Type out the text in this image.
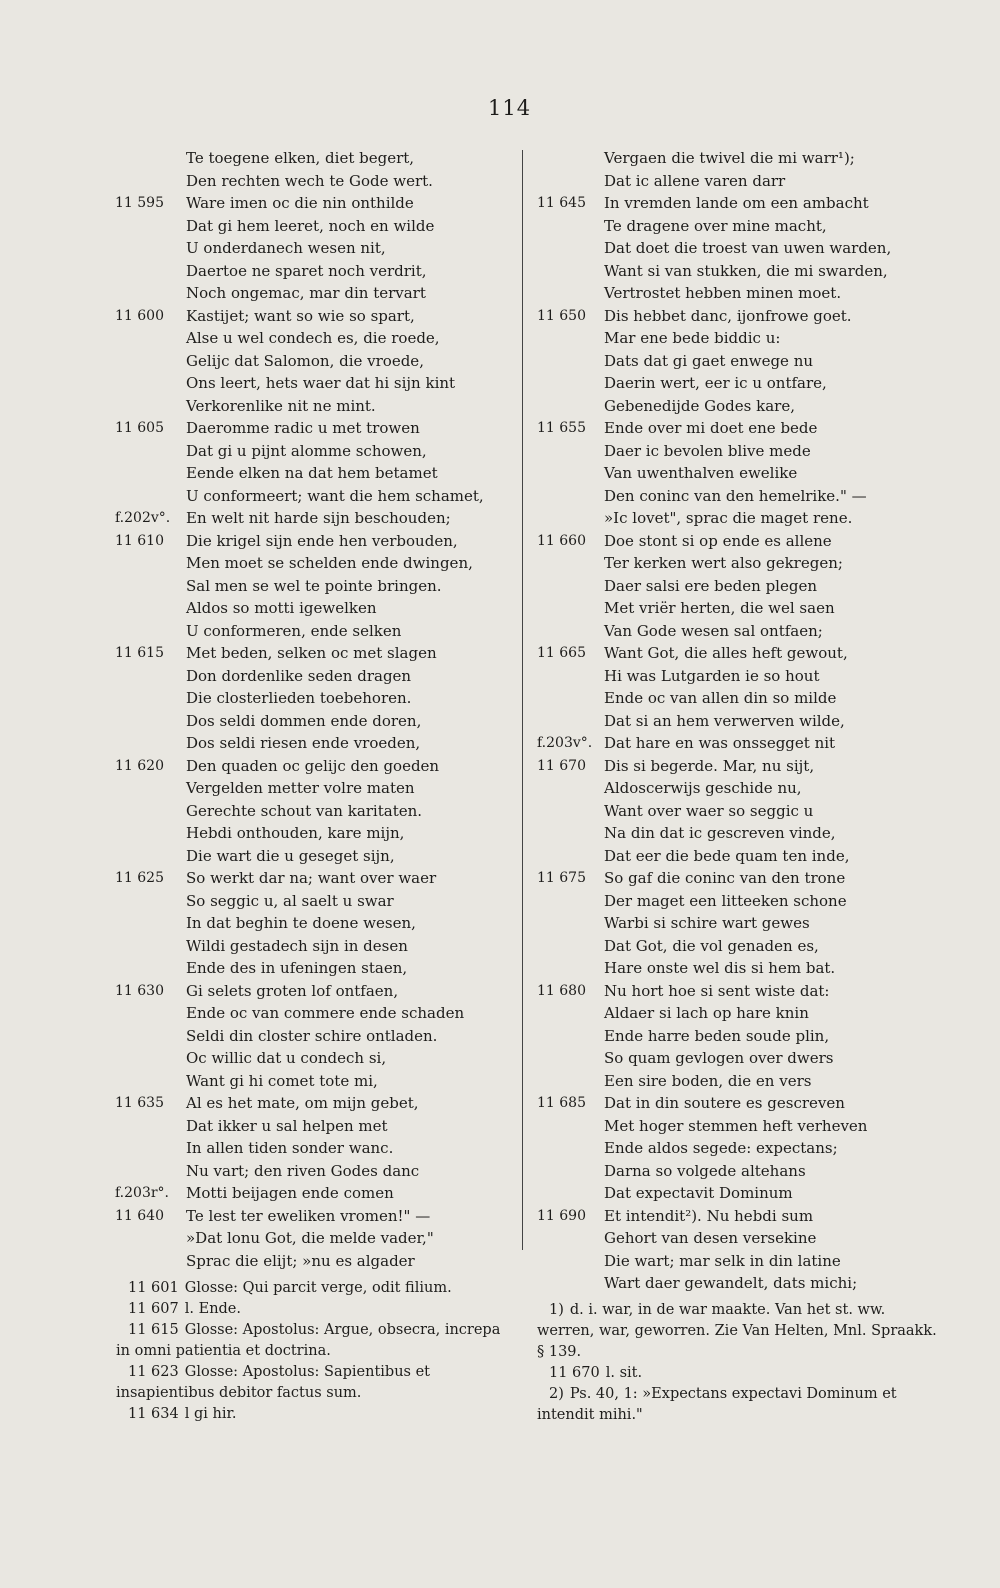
114
Te toegene elken, diet begert,
Den rechten wech te Gode wert.
11 595 Ware imen oc die nin onthilde
Dat gi hem leeret, noch en wilde
U onderdanech wesen nit,
Daertoe ne sparet noch verdrit,
Noch ongemac, mar din tervart
11 600 Kastijet; want so wie so spart,
Alse u wel condech es, die roede,
Gelijc dat Salomon, die vroede,
Ons leert, hets waer dat hi sijn kint
Verkorenlike nit ne mint.
11 605 Daeromme radic u met trowen
Dat gi u pijnt alomme schowen,
Eende elken na dat hem betamet
U conformeert; want die hem schamet,
f.202v°. En welt nit harde sijn beschouden;
11 610 Die krigel sijn ende hen verbouden,
Men moet se schelden ende dwingen,
Sal men se wel te pointe bringen.
Aldos so motti igewelken
U conformeren, ende selken
11 615 Met beden, selken oc met slagen
Don dordenlike seden dragen
Die closterlieden toebehoren.
Dos seldi dommen ende doren,
Dos seldi riesen ende vroeden,
11 620 Den quaden oc gelijc den goeden
Vergelden metter volre maten
Gerechte schout van karitaten.
Hebdi onthouden, kare mijn,
Die wart die u geseget sijn,
11 625 So werkt dar na; want over waer
So seggic u, al saelt u swar
In dat beghin te doene wesen,
Wildi gestadech sijn in desen
Ende des in ufeningen staen,
11 630 Gi selets groten lof ontfaen,
Ende oc van commere ende schaden
Seldi din closter schire ontladen.
Oc willic dat u condech si,
Want gi hi comet tote mi,
11 635 Al es het mate, om mijn gebet,
Dat ikker u sal helpen met
In allen tiden sonder wanc.
Nu vart; den riven Godes danc
f.203r°. Motti beijagen ende comen
11 640 Te lest ter eweliken vromen!" —
»Dat lonu Got, die melde vader,"
Sprac die elijt; »nu es algader
Vergaen die twivel die mi warr¹);
Dat ic allene varen darr
11 645 In vremden lande om een ambacht
Te dragene over mine macht,
Dat doet die troest van uwen warden,
Want si van stukken, die mi swarden,
Vertrostet hebben minen moet.
11 650 Dis hebbet danc, ijonfrowe goet.
Mar ene bede biddic u:
Dats dat gi gaet enwege nu
Daerin wert, eer ic u ontfare,
Gebenedijde Godes kare,
11 655 Ende over mi doet ene bede
Daer ic bevolen blive mede
Van uwenthalven ewelike
Den coninc van den hemelrike." —
»Ic lovet", sprac die maget rene.
11 660 Doe stont si op ende es allene
Ter kerken wert also gekregen;
Daer salsi ere beden plegen
Met vriër herten, die wel saen
Van Gode wesen sal ontfaen;
11 665 Want Got, die alles heft gewout,
Hi was Lutgarden ie so hout
Ende oc van allen din so milde
Dat si an hem verwerven wilde,
f.203v°. Dat hare en was onssegget nit
11 670 Dis si begerde. Mar, nu sijt,
Aldoscerwijs geschide nu,
Want over waer so seggic u
Na din dat ic gescreven vinde,
Dat eer die bede quam ten inde,
11 675 So gaf die coninc van den trone
Der maget een litteeken schone
Warbi si schire wart gewes
Dat Got, die vol genaden es,
Hare onste wel dis si hem bat.
11 680 Nu hort hoe si sent wiste dat:
Aldaer si lach op hare knin
Ende harre beden soude plin,
So quam gevlogen over dwers
Een sire boden, die en vers
11 685 Dat in din soutere es gescreven
Met hoger stemmen heft verheven
Ende aldos segede: expectans;
Darna so volgede altehans
Dat expectavit Dominum
11 690 Et intendit²). Nu hebdi sum
Gehort van desen versekine
Die wart; mar selk in din latine
Wart daer gewandelt, dats michi;
11 601 Glosse: Qui parcit verge, odit filium.
11 607 l. Ende.
11 615 Glosse: Apostolus: Argue, obsecra, increpa in omni patientia et doctrina.
11 623 Glosse: Apostolus: Sapientibus et insapientibus debitor factus sum.
11 634 l gi hir.
1) d. i. war, in de war maakte. Van het st. ww. werren, war, geworren. Zie Van Helten, Mnl. Spraakk. § 139.
11 670 l. sit.
2) Ps. 40, 1: »Expectans expectavi Dominum et intendit mihi."
